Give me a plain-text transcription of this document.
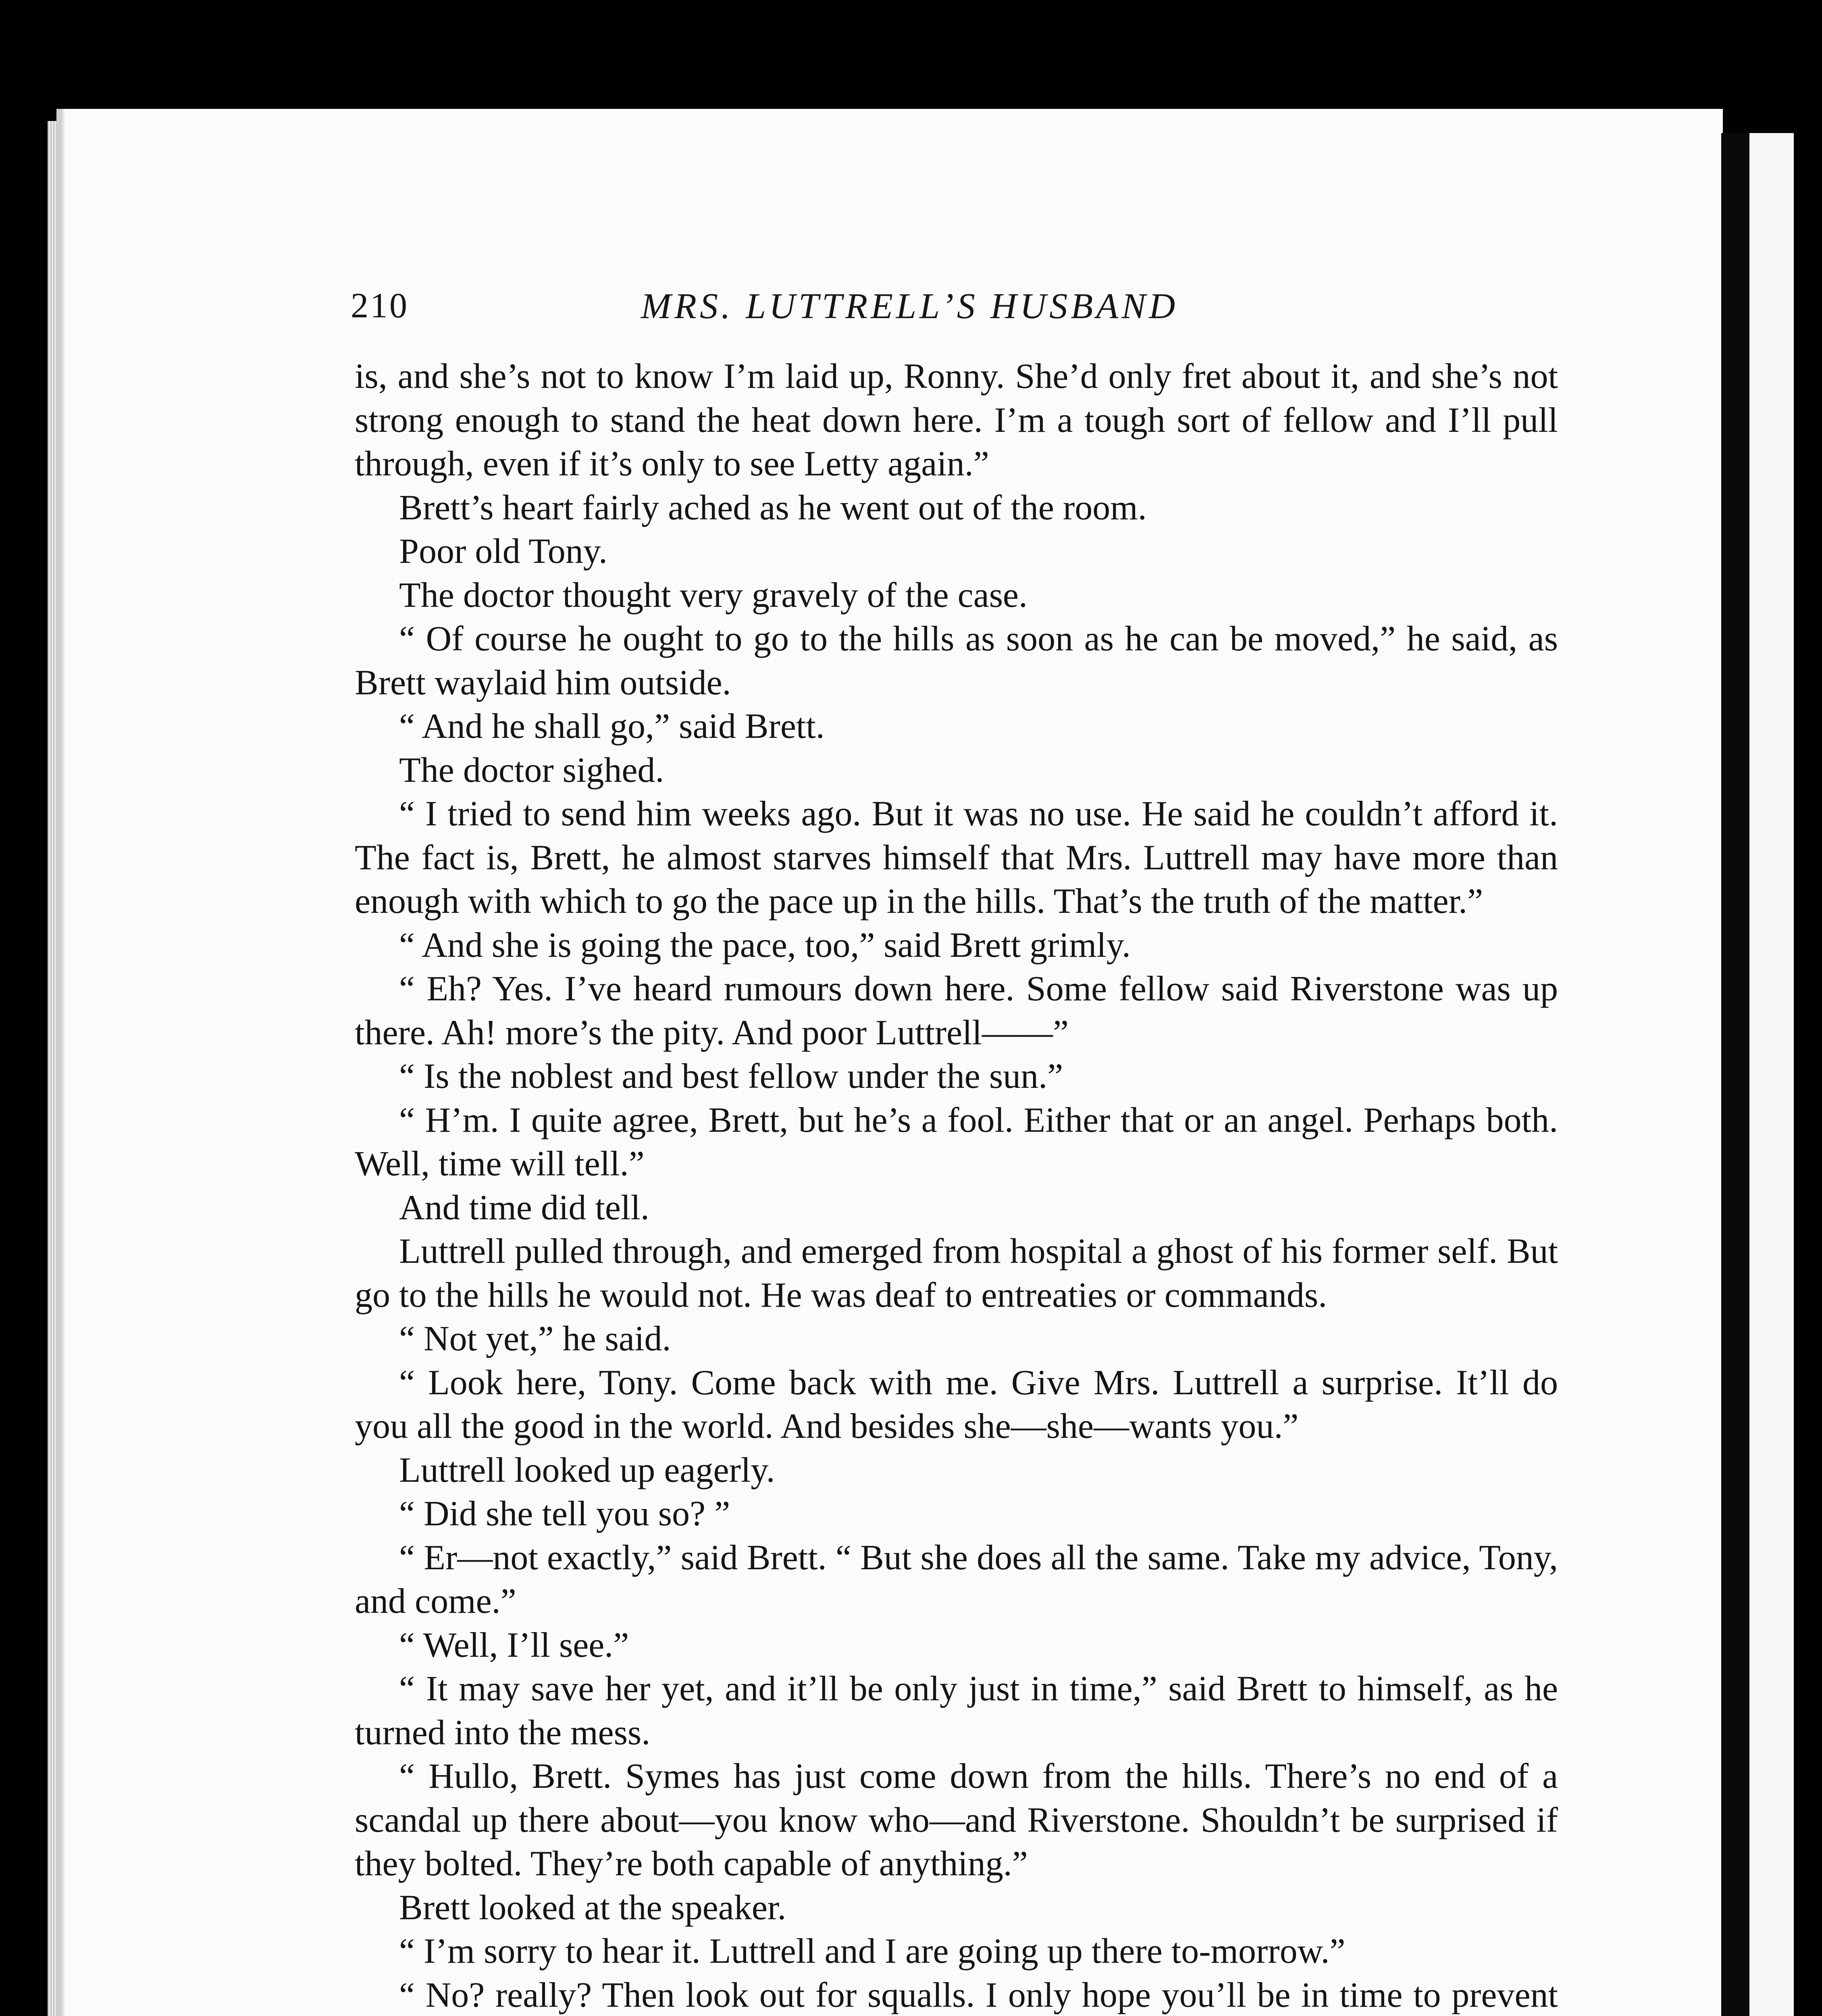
210	MRS. LUTTRELL’S HUSBAND

is, and she’s not to know I’m laid up, Ronny. She’d only fret about it, and she’s not strong enough to stand the heat down here. I’m a tough sort of fellow and I’ll pull through, even if it’s only to see Letty again.”

Brett’s heart fairly ached as he went out of the room.

Poor old Tony.

The doctor thought very gravely of the case.

“ Of course he ought to go to the hills as soon as he can be moved,” he said, as Brett waylaid him outside.

“ And he shall go,” said Brett.

The doctor sighed.

“ I tried to send him weeks ago. But it was no use. He said he couldn’t afford it. The fact is, Brett, he almost starves himself that Mrs. Luttrell may have more than enough with which to go the pace up in the hills. That’s the truth of the matter.”

“ And she is going the pace, too,” said Brett grimly.

“ Eh? Yes. I’ve heard rumours down here. Some fellow said Riverstone was up there. Ah! more’s the pity. And poor Luttrell——”

“ Is the noblest and best fellow under the sun.”

“ H’m. I quite agree, Brett, but he’s a fool. Either that or an angel. Perhaps both. Well, time will tell.”

And time did tell.

Luttrell pulled through, and emerged from hospital a ghost of his former self. But go to the hills he would not. He was deaf to entreaties or commands.

“ Not yet,” he said.

“ Look here, Tony. Come back with me. Give Mrs. Luttrell a surprise. It’ll do you all the good in the world. And besides she—she—wants you.”

Luttrell looked up eagerly.

“ Did she tell you so? ”

“ Er—not exactly,” said Brett. “ But she does all the same. Take my advice, Tony, and come.”

“ Well, I’ll see.”

“ It may save her yet, and it’ll be only just in time,” said Brett to himself, as he turned into the mess.

“ Hullo, Brett. Symes has just come down from the hills. There’s no end of a scandal up there about—you know who—and Riverstone. Shouldn’t be surprised if they bolted. They’re both capable of anything.”

Brett looked at the speaker.

“ I’m sorry to hear it. Luttrell and I are going up there to-morrow.”

“ No? really? Then look out for squalls. I only hope you’ll be in time to prevent
